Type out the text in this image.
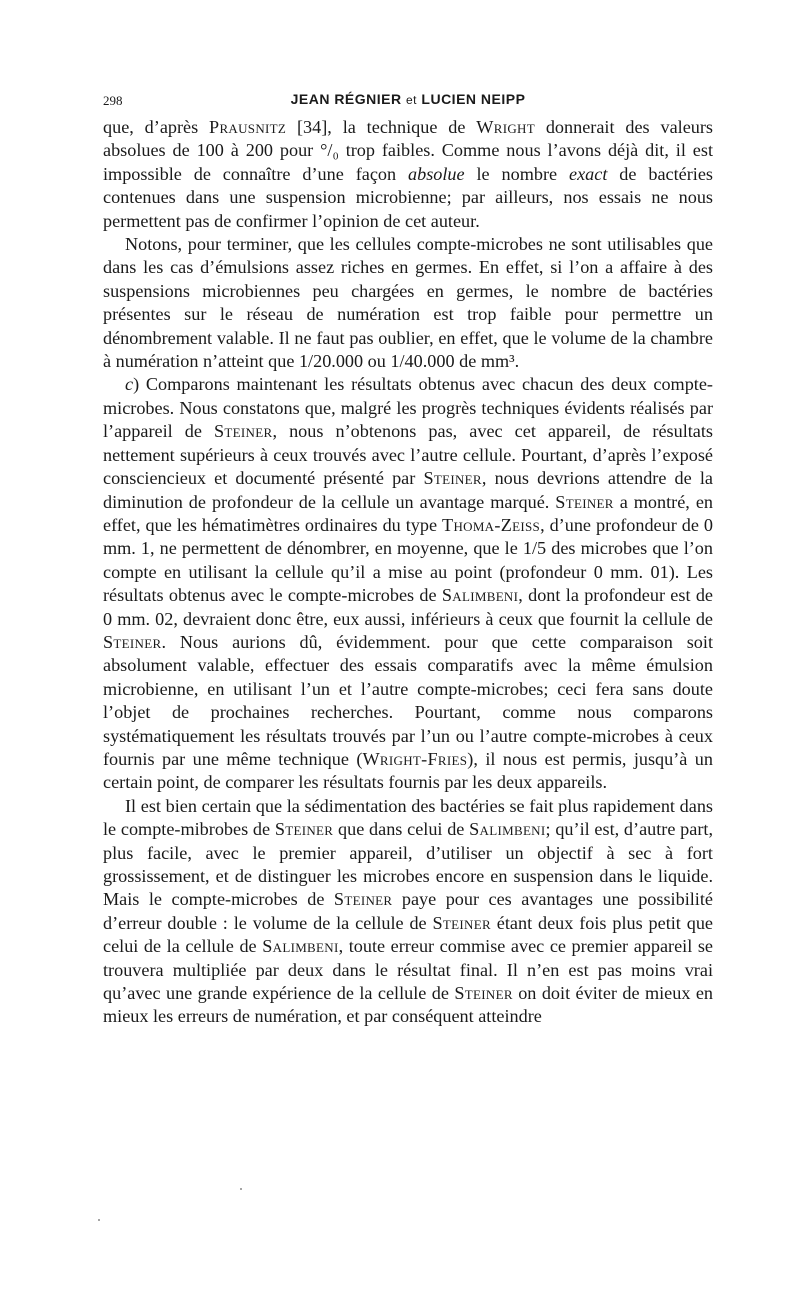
298	JEAN RÉGNIER et LUCIEN NEIPP

que, d’après Prausnitz [34], la technique de Wright donnerait des valeurs absolues de 100 à 200 pour °/₀ trop faibles. Comme nous l’avons déjà dit, il est impossible de connaître d’une façon absolue le nombre exact de bactéries contenues dans une suspension microbienne; par ailleurs, nos essais ne nous permettent pas de confirmer l’opinion de cet auteur.

Notons, pour terminer, que les cellules compte-microbes ne sont utilisables que dans les cas d’émulsions assez riches en germes. En effet, si l’on a affaire à des suspensions microbiennes peu chargées en germes, le nombre de bactéries présentes sur le réseau de numération est trop faible pour permettre un dénombrement valable. Il ne faut pas oublier, en effet, que le volume de la chambre à numération n’atteint que 1/20.000 ou 1/40.000 de mm³.

c) Comparons maintenant les résultats obtenus avec chacun des deux compte-microbes. Nous constatons que, malgré les progrès techniques évidents réalisés par l’appareil de Steiner, nous n’obtenons pas, avec cet appareil, de résultats nettement supérieurs à ceux trouvés avec l’autre cellule. Pourtant, d’après l’exposé consciencieux et documenté présenté par Steiner, nous devrions attendre de la diminution de profondeur de la cellule un avantage marqué. Steiner a montré, en effet, que les hématimètres ordinaires du type Thoma-Zeiss, d’une profondeur de 0 mm. 1, ne permettent de dénombrer, en moyenne, que le 1/5 des microbes que l’on compte en utilisant la cellule qu’il a mise au point (profondeur 0 mm. 01). Les résultats obtenus avec le compte-microbes de Salimbeni, dont la profondeur est de 0 mm. 02, devraient donc être, eux aussi, inférieurs à ceux que fournit la cellule de Steiner. Nous aurions dû, évidemment. pour que cette comparaison soit absolument valable, effectuer des essais comparatifs avec la même émulsion microbienne, en utilisant l’un et l’autre compte-microbes; ceci fera sans doute l’objet de prochaines recherches. Pourtant, comme nous comparons systématiquement les résultats trouvés par l’un ou l’autre compte-microbes à ceux fournis par une même technique (Wright-Fries), il nous est permis, jusqu’à un certain point, de comparer les résultats fournis par les deux appareils.

Il est bien certain que la sédimentation des bactéries se fait plus rapidement dans le compte-mibrobes de Steiner que dans celui de Salimbeni; qu’il est, d’autre part, plus facile, avec le premier appareil, d’utiliser un objectif à sec à fort grossissement, et de distinguer les microbes encore en suspension dans le liquide. Mais le compte-microbes de Steiner paye pour ces avantages une possibilité d’erreur double : le volume de la cellule de Steiner étant deux fois plus petit que celui de la cellule de Salimbeni, toute erreur commise avec ce premier appareil se trouvera multipliée par deux dans le résultat final. Il n’en est pas moins vrai qu’avec une grande expérience de la cellule de Steiner on doit éviter de mieux en mieux les erreurs de numération, et par conséquent atteindre
